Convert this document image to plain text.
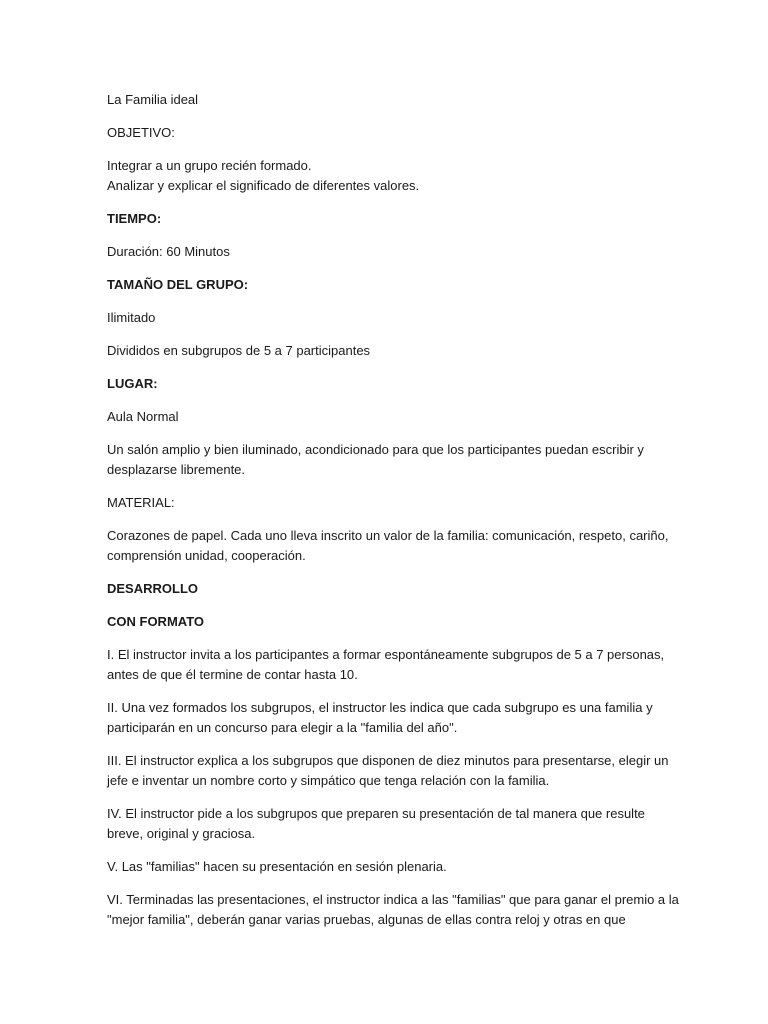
La Familia ideal

OBJETIVO:

Integrar a un grupo recién formado.
Analizar y explicar el significado de diferentes valores.

TIEMPO:

Duración: 60 Minutos

TAMAÑO DEL GRUPO:

Ilimitado

Divididos en subgrupos de 5 a 7 participantes

LUGAR:

Aula Normal

Un salón amplio y bien iluminado, acondicionado para que los participantes puedan escribir y desplazarse libremente.

MATERIAL:

Corazones de papel. Cada uno lleva inscrito un valor de la familia: comunicación, respeto, cariño, comprensión unidad, cooperación.

DESARROLLO

CON FORMATO

I. El instructor invita a los participantes a formar espontáneamente subgrupos de 5 a 7 personas, antes de que él termine de contar hasta 10.

II. Una vez formados los subgrupos, el instructor les indica que cada subgrupo es una familia y participarán en un concurso para elegir a la "familia del año".

III. El instructor explica a los subgrupos que disponen de diez minutos para presentarse, elegir un jefe e inventar un nombre corto y simpático que tenga relación con la familia.

IV. El instructor pide a los subgrupos que preparen su presentación de tal manera que resulte breve, original y graciosa.

V. Las "familias" hacen su presentación en sesión plenaria.

VI. Terminadas las presentaciones, el instructor indica a las "familias" que para ganar el premio a la "mejor familia", deberán ganar varias pruebas, algunas de ellas contra reloj y otras en que
